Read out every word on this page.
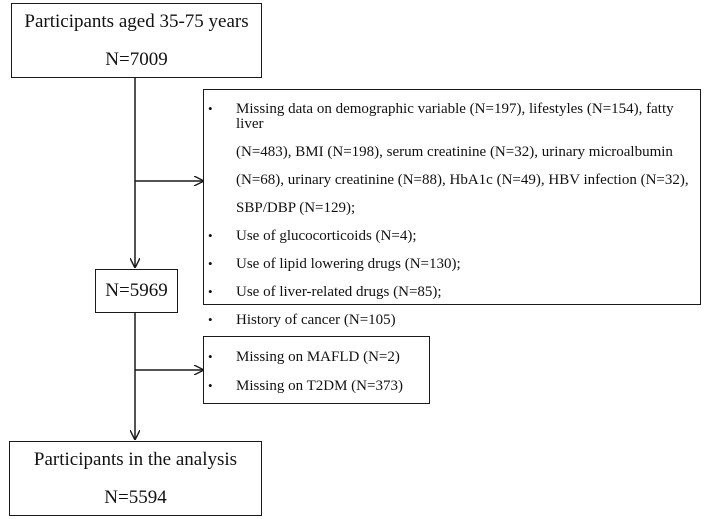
Participants aged 35-75 years
N=7009
• Missing data on demographic variable (N=197), lifestyles (N=154), fatty liver
(N=483), BMI (N=198), serum creatinine (N=32), urinary microalbumin
(N=68), urinary creatinine (N=88), HbA1c (N=49), HBV infection (N=32),
SBP/DBP (N=129);
• Use of glucocorticoids (N=4);
• Use of lipid lowering drugs (N=130);
• Use of liver-related drugs (N=85);
• History of cancer (N=105)
N=5969
• Missing on MAFLD (N=2)
• Missing on T2DM (N=373)
Participants in the analysis
N=5594
